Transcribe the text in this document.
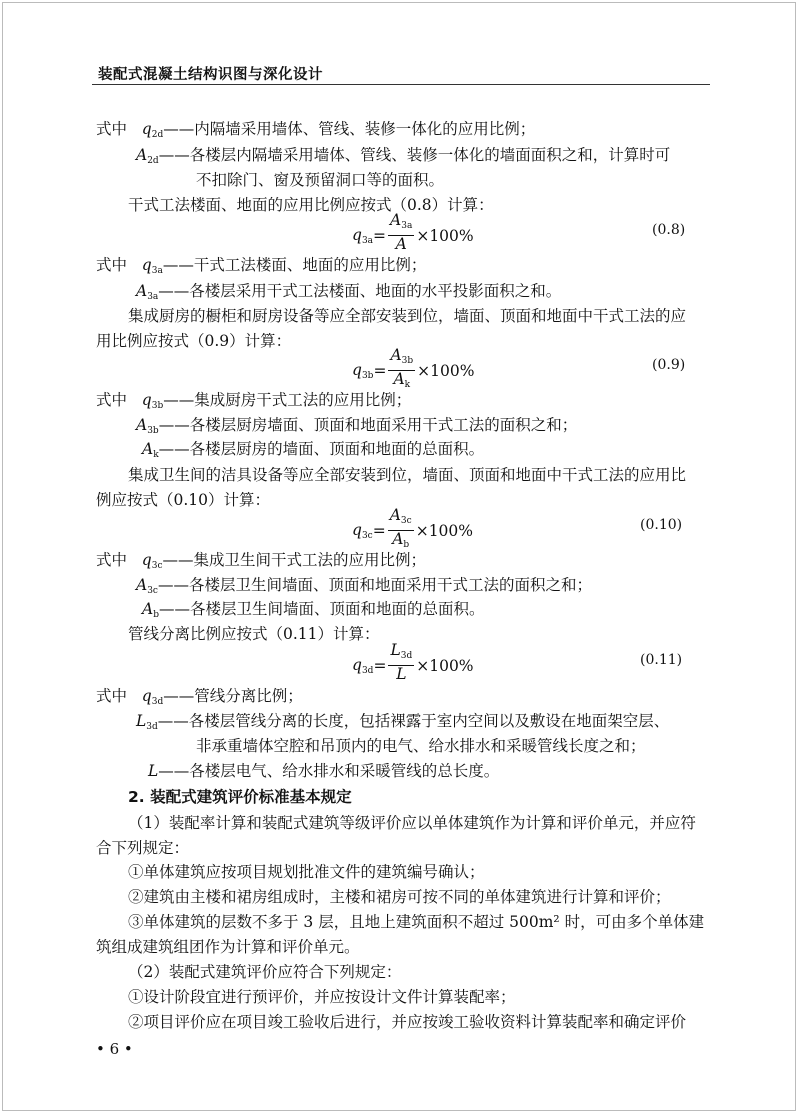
装配式混凝土结构识图与深化设计
式中 $q_{2d}——$内隔墙采用墙体、管线、装修一体化的应用比例；
$A_{2d}——$各楼层内隔墙采用墙体、管线、装修一体化的墙面面积之和，计算时可
不扣除门、窗及预留洞口等的面积。
干式工法楼面、地面的应用比例应按式（0.8）计算：
$q_{3a} = \frac{A_{3a}}{A} \times 100\%$	(0.8)
式中 $q_{3a}——$干式工法楼面、地面的应用比例；
$A_{3a}——$各楼层采用干式工法楼面、地面的水平投影面积之和。
集成厨房的橱柜和厨房设备等应全部安装到位，墙面、顶面和地面中干式工法的应
用比例应按式（0.9）计算：
$q_{3b} = \frac{A_{3b}}{A_k} \times 100\%$	(0.9)
式中 $q_{3b}——$集成厨房干式工法的应用比例；
$A_{3b}——$各楼层厨房墙面、顶面和地面采用干式工法的面积之和；
$A_k——$各楼层厨房的墙面、顶面和地面的总面积。
集成卫生间的洁具设备等应全部安装到位，墙面、顶面和地面中干式工法的应用比
例应按式（0.10）计算：
$q_{3c} = \frac{A_{3c}}{A_b} \times 100\%$	(0.10)
式中 $q_{3c}——$集成卫生间干式工法的应用比例；
$A_{3c}——$各楼层卫生间墙面、顶面和地面采用干式工法的面积之和；
$A_b——$各楼层卫生间墙面、顶面和地面的总面积。
管线分离比例应按式（0.11）计算：
$q_{3d} = \frac{L_{3d}}{L} \times 100\%$	(0.11)
式中 $q_{3d}——$管线分离比例；
$L_{3d}——$各楼层管线分离的长度，包括裸露于室内空间以及敷设在地面架空层、
非承重墙体空腔和吊顶内的电气、给水排水和采暖管线长度之和；
L——各楼层电气、给水排水和采暖管线的总长度。
2. 装配式建筑评价标准基本规定
（1）装配率计算和装配式建筑等级评价应以单体建筑作为计算和评价单元，并应符
合下列规定：
①单体建筑应按项目规划批准文件的建筑编号确认；
②建筑由主楼和裙房组成时，主楼和裙房可按不同的单体建筑进行计算和评价；
③单体建筑的层数不多于 3 层，且地上建筑面积不超过 500m² 时，可由多个单体建
筑组成建筑组团作为计算和评价单元。
（2）装配式建筑评价应符合下列规定：
①设计阶段宜进行预评价，并应按设计文件计算装配率；
②项目评价应在项目竣工验收后进行，并应按竣工验收资料计算装配率和确定评价
• 6 •
